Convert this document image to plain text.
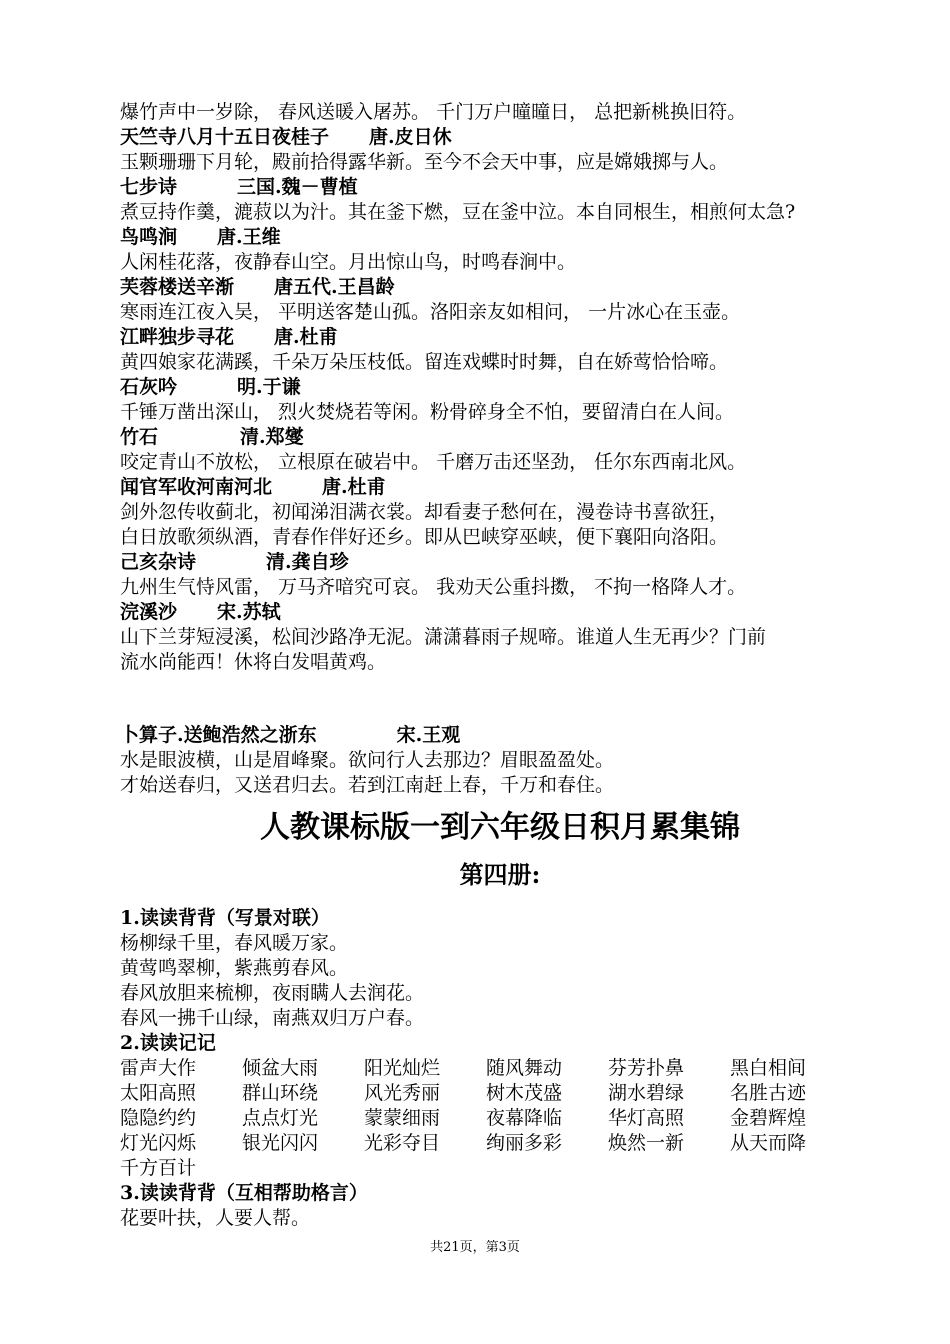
爆竹声中一岁除， 春风送暖入屠苏。 千门万户曈曈日， 总把新桃换旧符。
天竺寺八月十五日夜桂子 唐.皮日休
玉颗珊珊下月轮，殿前拾得露华新。至今不会天中事，应是嫦娥掷与人。
七步诗	三国.魏－曹植
煮豆持作羹，漉菽以为汁。其在釜下燃，豆在釜中泣。本自同根生，相煎何太急?
鸟鸣涧 唐.王维
人闲桂花落，夜静春山空。月出惊山鸟，时鸣春涧中。
芙蓉楼送辛渐 唐五代.王昌龄
寒雨连江夜入吴， 平明送客楚山孤。洛阳亲友如相问， 一片冰心在玉壶。
江畔独步寻花 唐.杜甫
黄四娘家花满蹊，千朵万朵压枝低。留连戏蝶时时舞，自在娇莺恰恰啼。
石灰吟	明.于谦
千锤万凿出深山， 烈火焚烧若等闲。粉骨碎身全不怕，要留清白在人间。
竹石	清.郑燮
咬定青山不放松， 立根原在破岩中。 千磨万击还坚劲， 任尔东西南北风。
闻官军收河南河北	唐.杜甫
剑外忽传收蓟北，初闻涕泪满衣裳。却看妻子愁何在，漫卷诗书喜欲狂，
白日放歌须纵酒，青春作伴好还乡。即从巴峡穿巫峡，便下襄阳向洛阳。
己亥杂诗	清.龚自珍
九州生气恃风雷， 万马齐喑究可哀。 我劝天公重抖擞， 不拘一格降人才。
浣溪沙 宋.苏轼
山下兰芽短浸溪，松间沙路净无泥。潇潇暮雨子规啼。谁道人生无再少？门前
流水尚能西！休将白发唱黄鸡。
卜算子.送鲍浩然之浙东	宋.王观
水是眼波横，山是眉峰聚。欲问行人去那边？眉眼盈盈处。
才始送春归，又送君归去。若到江南赶上春，千万和春住。
人教课标版一到六年级日积月累集锦
第四册:
1.读读背背（写景对联）
杨柳绿千里，春风暖万家。
黄莺鸣翠柳，紫燕剪春风。
春风放胆来梳柳，夜雨瞒人去润花。
春风一拂千山绿，南燕双归万户春。
2.读读记记
雷声大作	倾盆大雨	阳光灿烂	随风舞动	芬芳扑鼻	黑白相间
太阳高照	群山环绕	风光秀丽	树木茂盛	湖水碧绿	名胜古迹
隐隐约约	点点灯光	蒙蒙细雨	夜幕降临	华灯高照	金碧辉煌
灯光闪烁	银光闪闪	光彩夺目	绚丽多彩	焕然一新	从天而降
千方百计
3.读读背背（互相帮助格言）
花要叶扶，人要人帮。
共21页，第3页
